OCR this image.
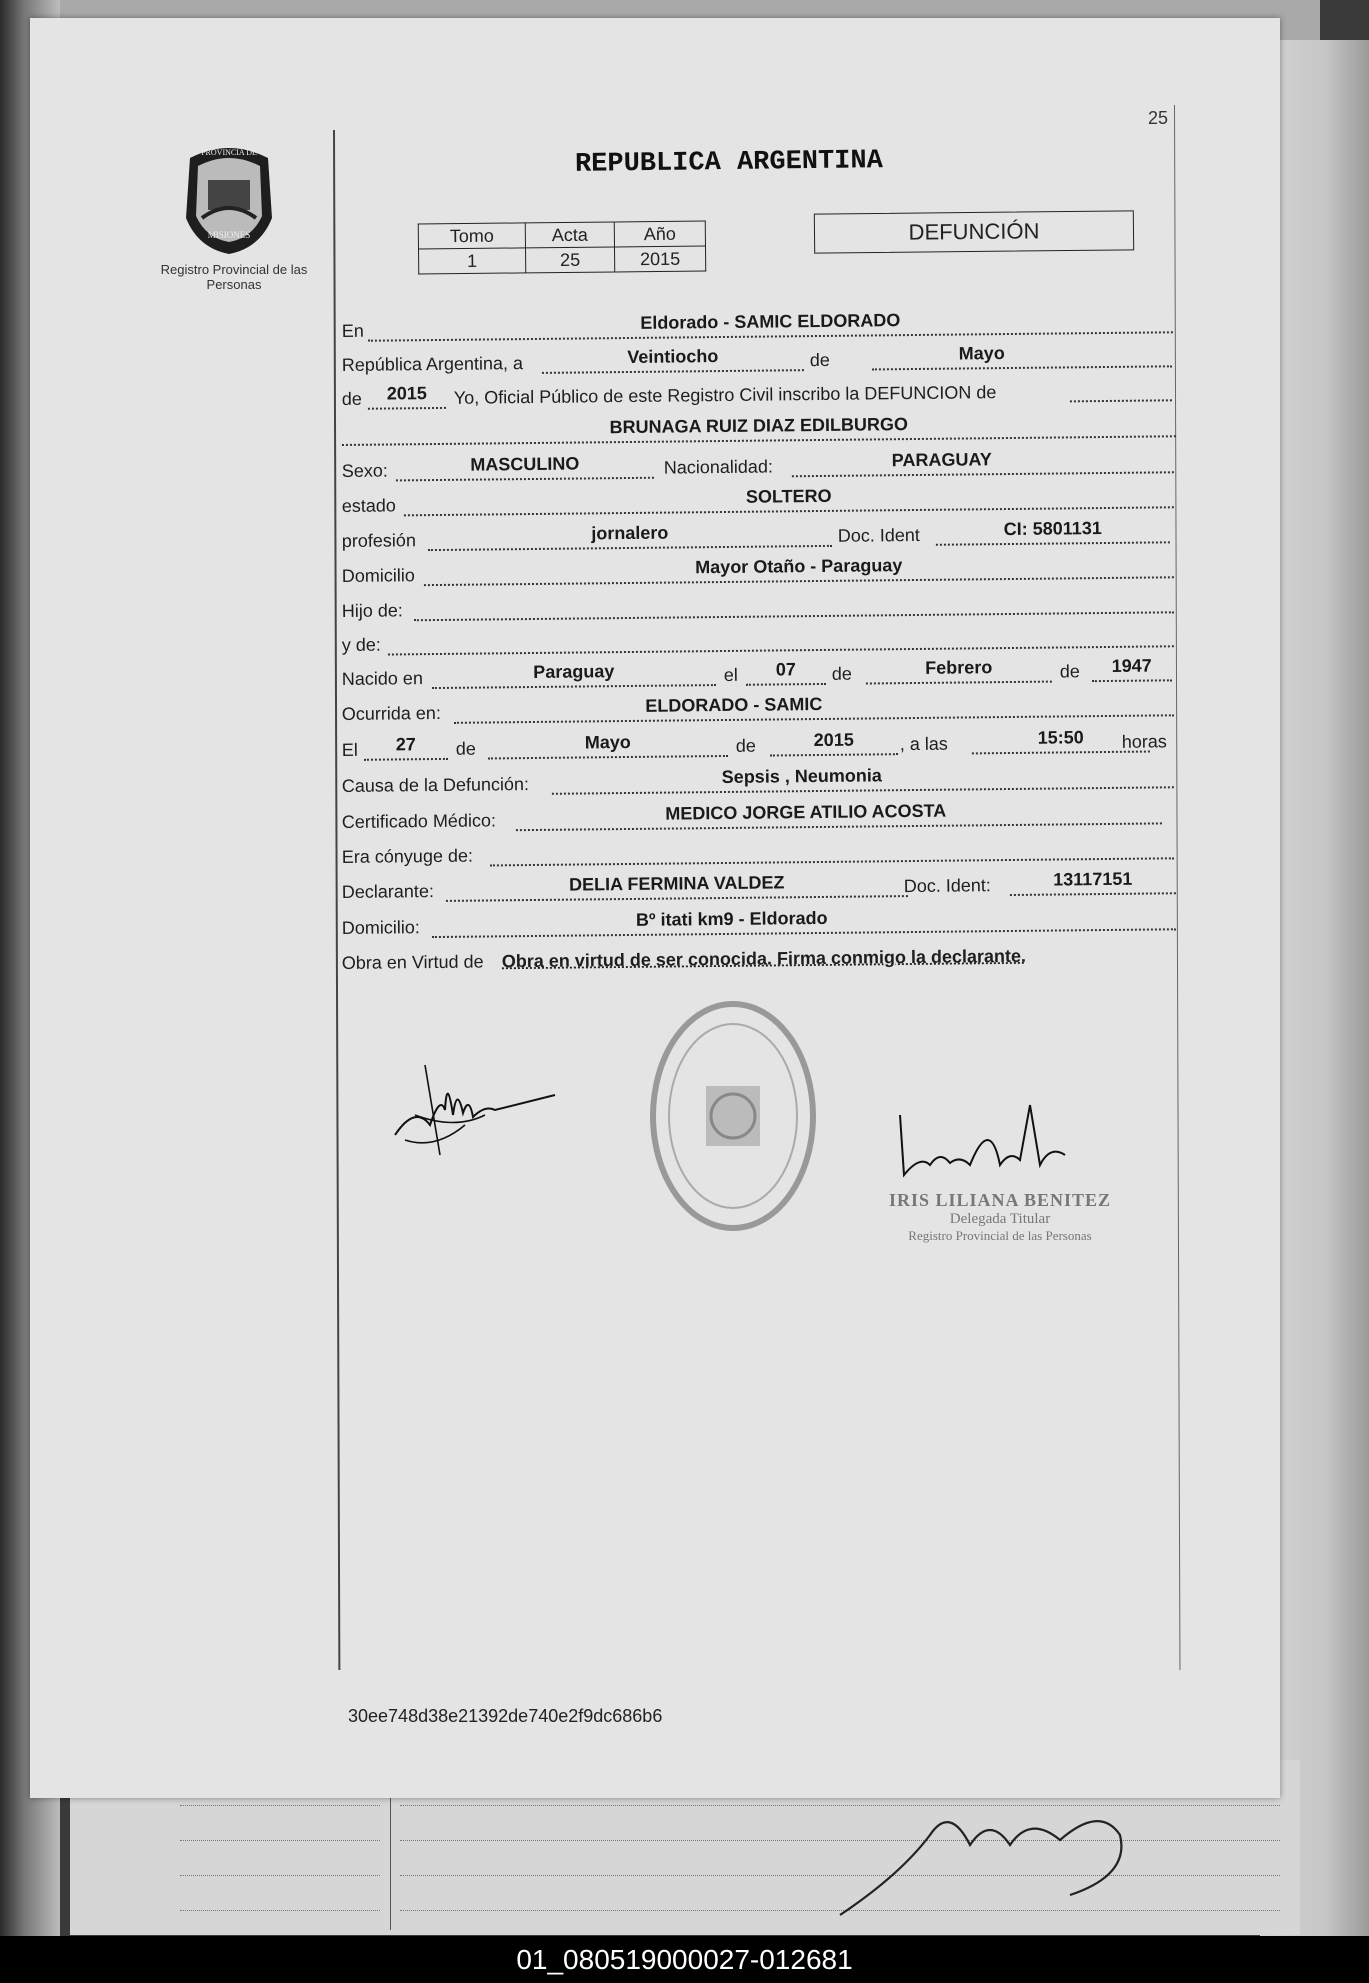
25
PROVINCIA DE
MISIONES
Registro Provincial de las Personas
REPUBLICA ARGENTINA
Tomo	Acta	Año
1	25	2015
DEFUNCIÓN
En	Eldorado - SAMIC ELDORADO
República Argentina, a	Veintiocho	de	Mayo
de	2015	Yo, Oficial Público de este Registro Civil inscribo la DEFUNCION de
BRUNAGA RUIZ DIAZ EDILBURGO
Sexo:	MASCULINO	Nacionalidad:	PARAGUAY
estado	SOLTERO
profesión	jornalero	Doc. Ident	CI: 5801131
Domicilio	Mayor Otaño - Paraguay
Hijo de:
y de:
Nacido en	Paraguay	el	07	de	Febrero	de	1947
Ocurrida en:	ELDORADO - SAMIC
El	27	de	Mayo	de	2015	, a las	15:50	horas
Causa de la Defunción:	Sepsis , Neumonia
Certificado Médico:	MEDICO JORGE ATILIO ACOSTA
Era cónyuge de:
Declarante:	DELIA FERMINA VALDEZ	Doc. Ident:	13117151
Domicilio:	Bº itati km9 - Eldorado
Obra en Virtud de Obra en virtud de ser conocida. Firma conmigo la declarante.
IRIS LILIANA BENITEZ
Delegada Titular
Registro Provincial de las Personas
30ee748d38e21392de740e2f9dc686b6
01_080519000027-012681
